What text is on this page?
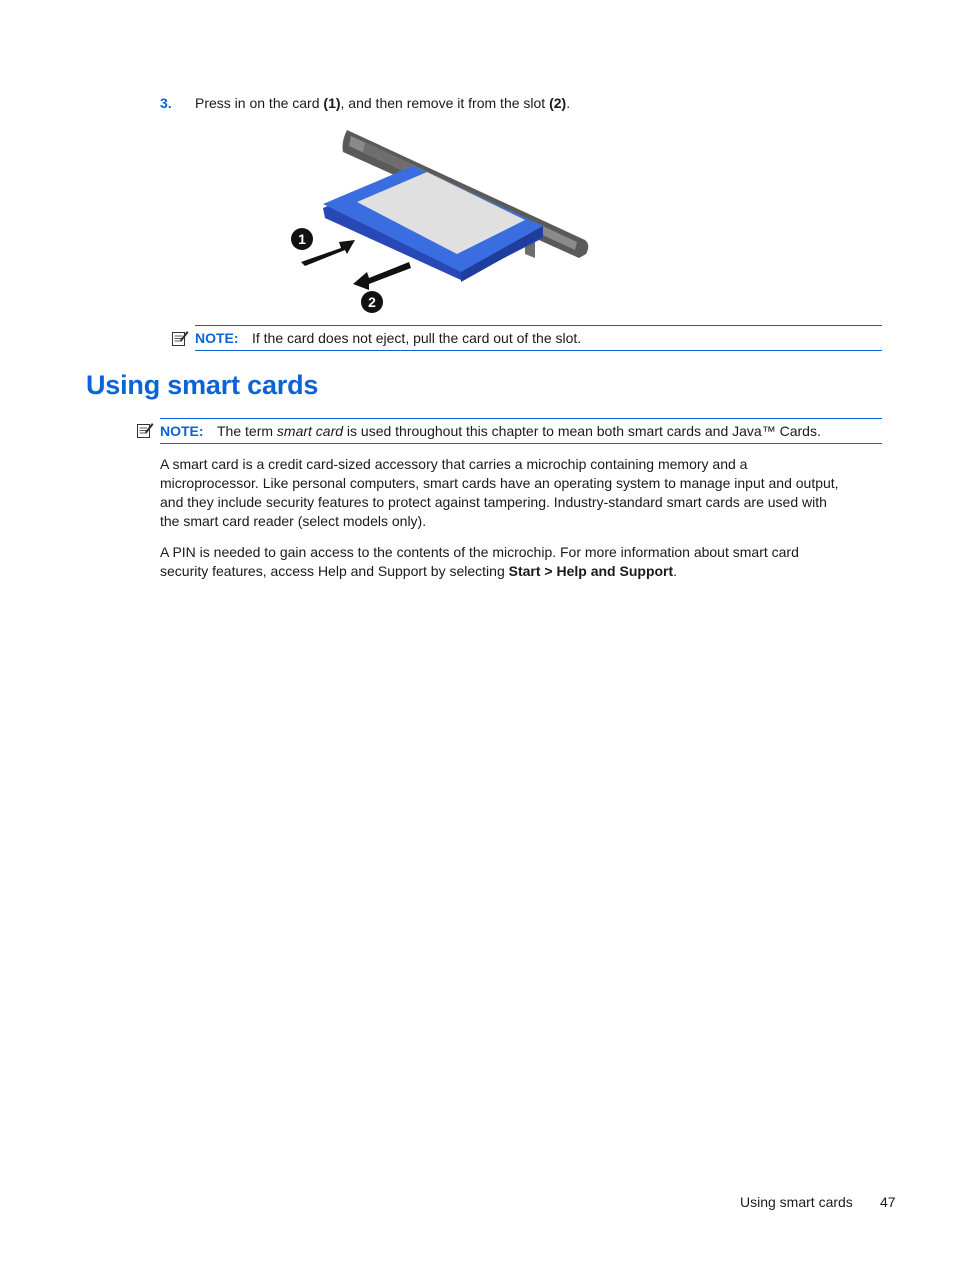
3. Press in on the card (1), and then remove it from the slot (2).
1
2
NOTE: If the card does not eject, pull the card out of the slot.
Using smart cards
NOTE: The term smart card is used throughout this chapter to mean both smart cards and Java™ Cards.
A smart card is a credit card-sized accessory that carries a microchip containing memory and a
microprocessor. Like personal computers, smart cards have an operating system to manage input and output,
and they include security features to protect against tampering. Industry-standard smart cards are used with
the smart card reader (select models only).
A PIN is needed to gain access to the contents of the microchip. For more information about smart card
security features, access Help and Support by selecting Start > Help and Support.
Using smart cards 47
